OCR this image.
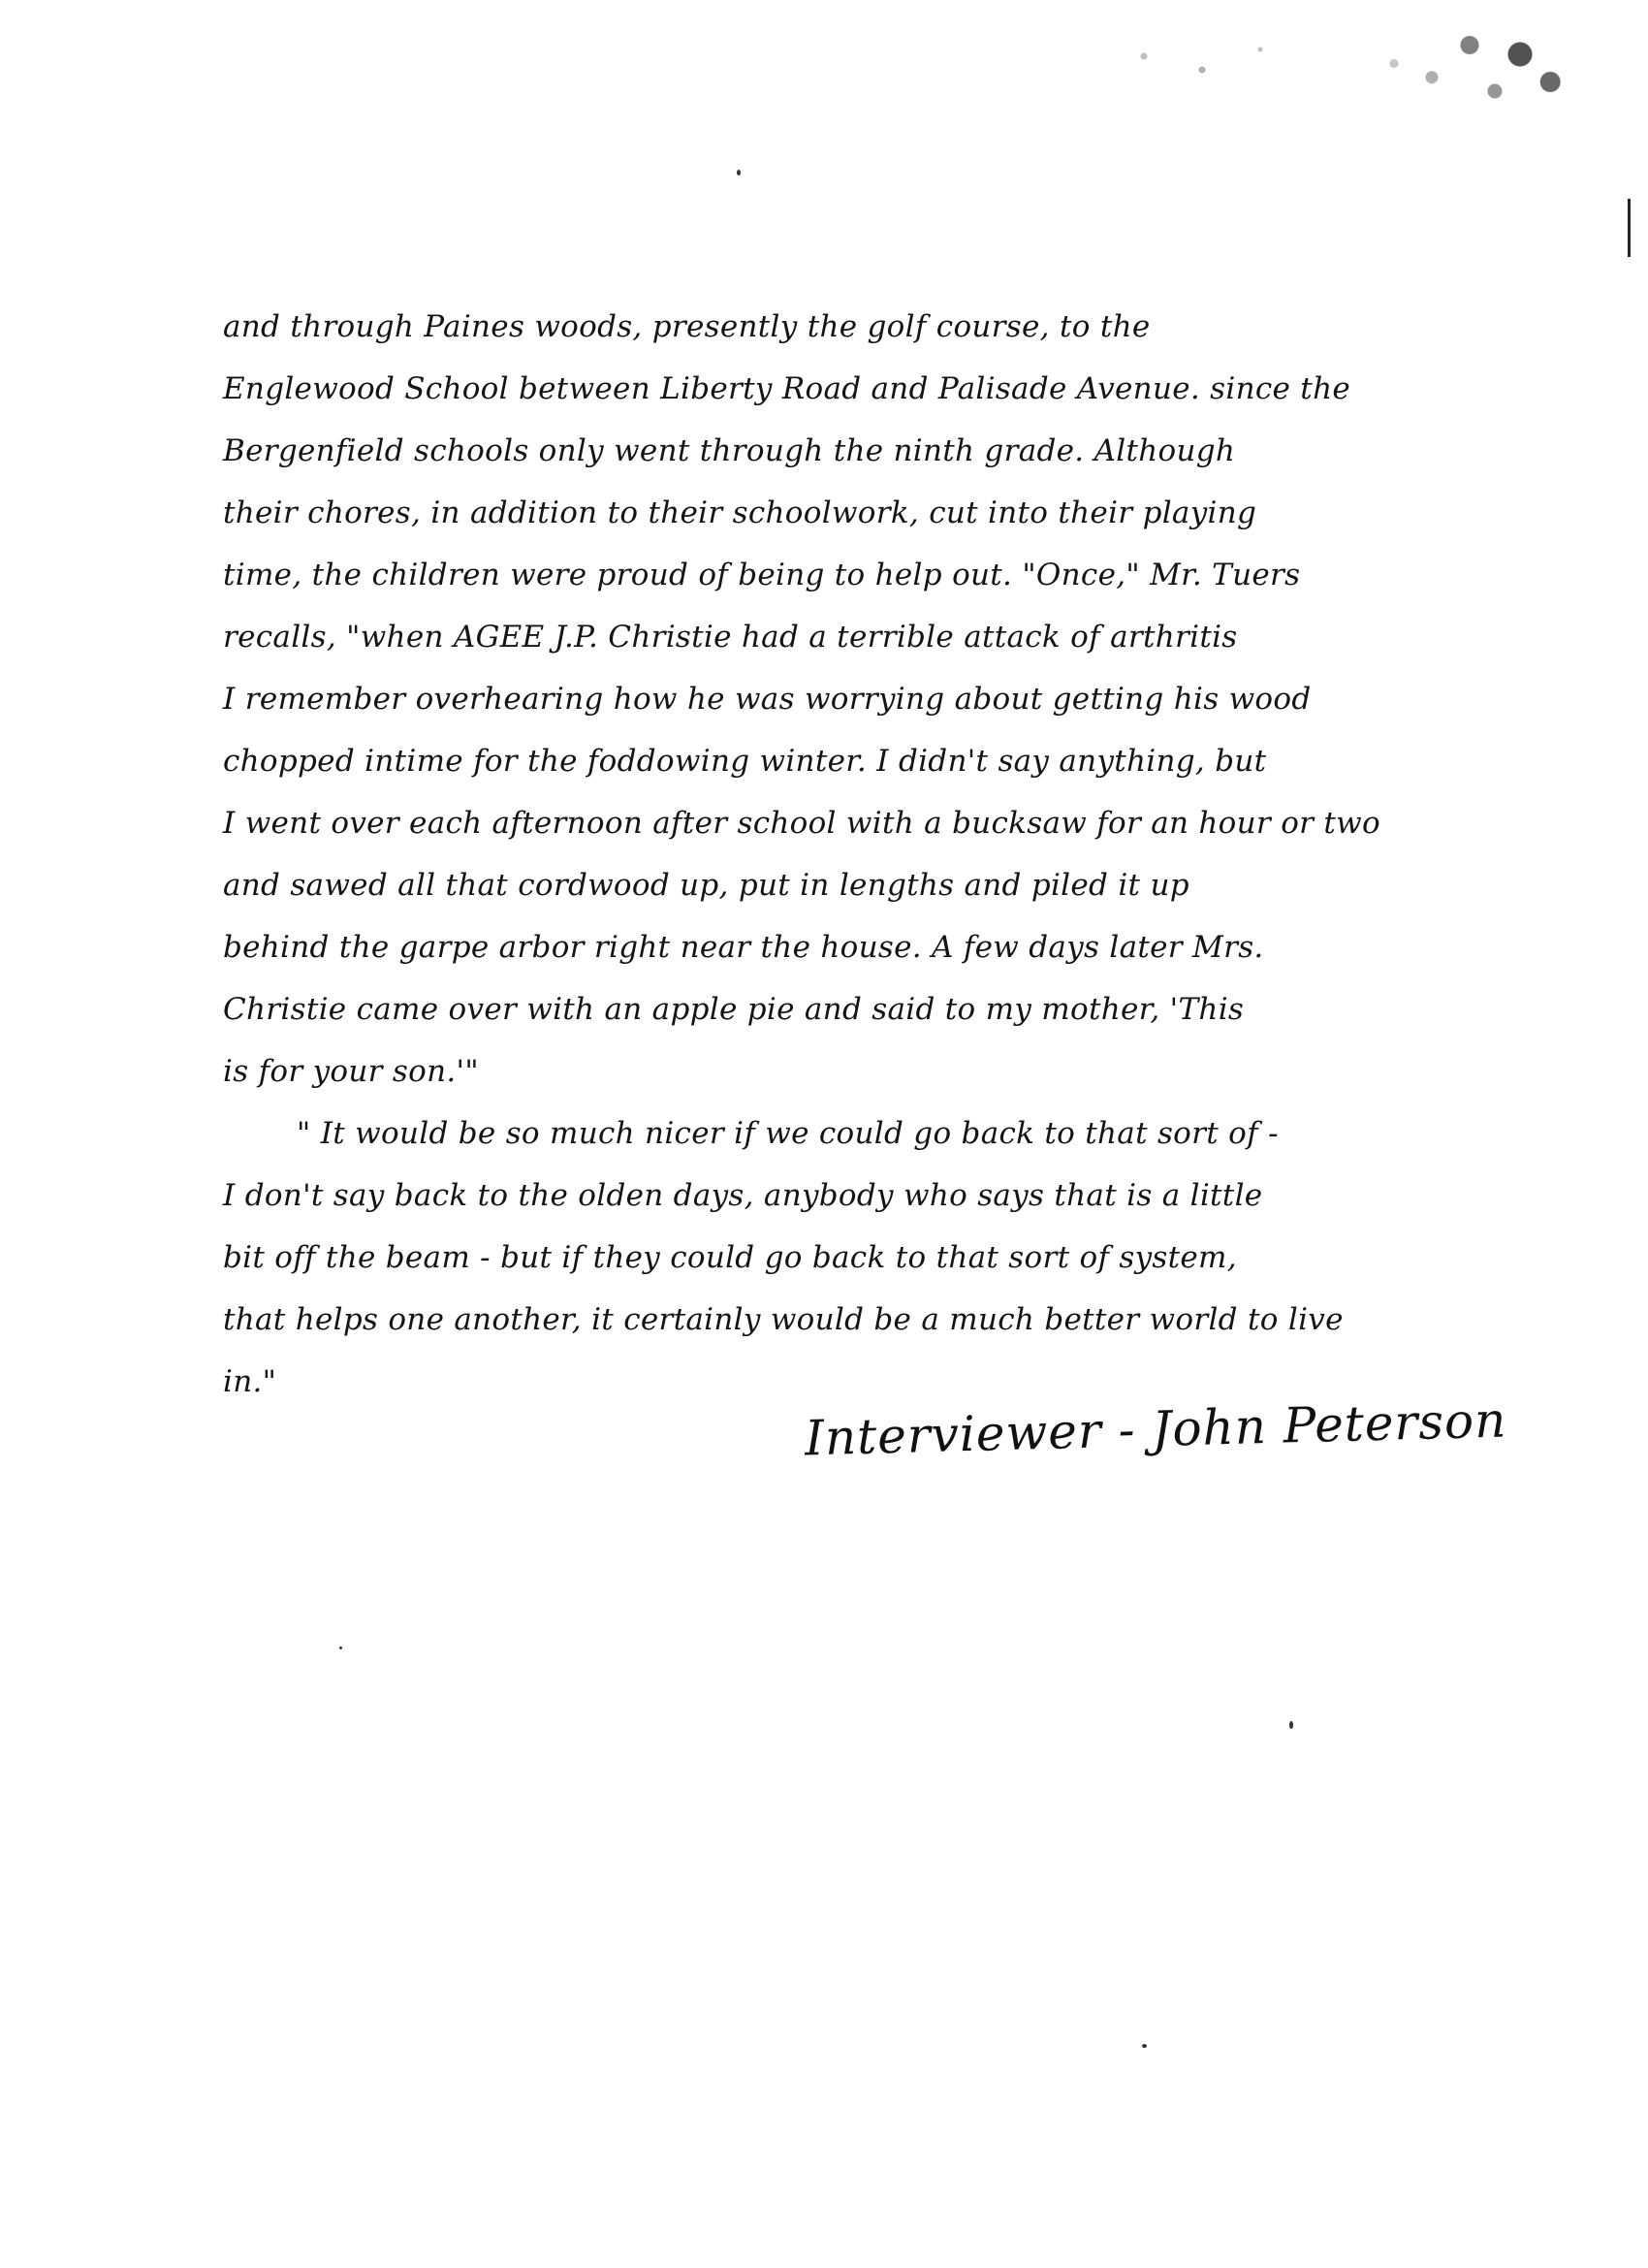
and through Paines woods, presently the golf course, to the
Englewood School between Liberty Road and Palisade Avenue. since the
Bergenfield schools only went through the ninth grade. Although
their chores, in addition to their schoolwork, cut into their playing
time, the children were proud of being to help out. "Once," Mr. Tuers
recalls, "when AGEE J.P. Christie had a terrible attack of arthritis
I remember overhearing how he was worrying about getting his wood
chopped intime for the foddowing winter. I didn't say anything, but
I went over each afternoon after school with a bucksaw for an hour or two
and sawed all that cordwood up, put in lengths and piled it up
behind the garpe arbor right near the house. A few days later Mrs.
Christie came over with an apple pie and said to my mother, 'This
is for your son.'"
" It would be so much nicer if we could go back to that sort of -
I don't say back to the olden days, anybody who says that is a little
bit off the beam - but if they could go back to that sort of system,
that helps one another, it certainly would be a much better world to live
in."
Interviewer - John Peterson
